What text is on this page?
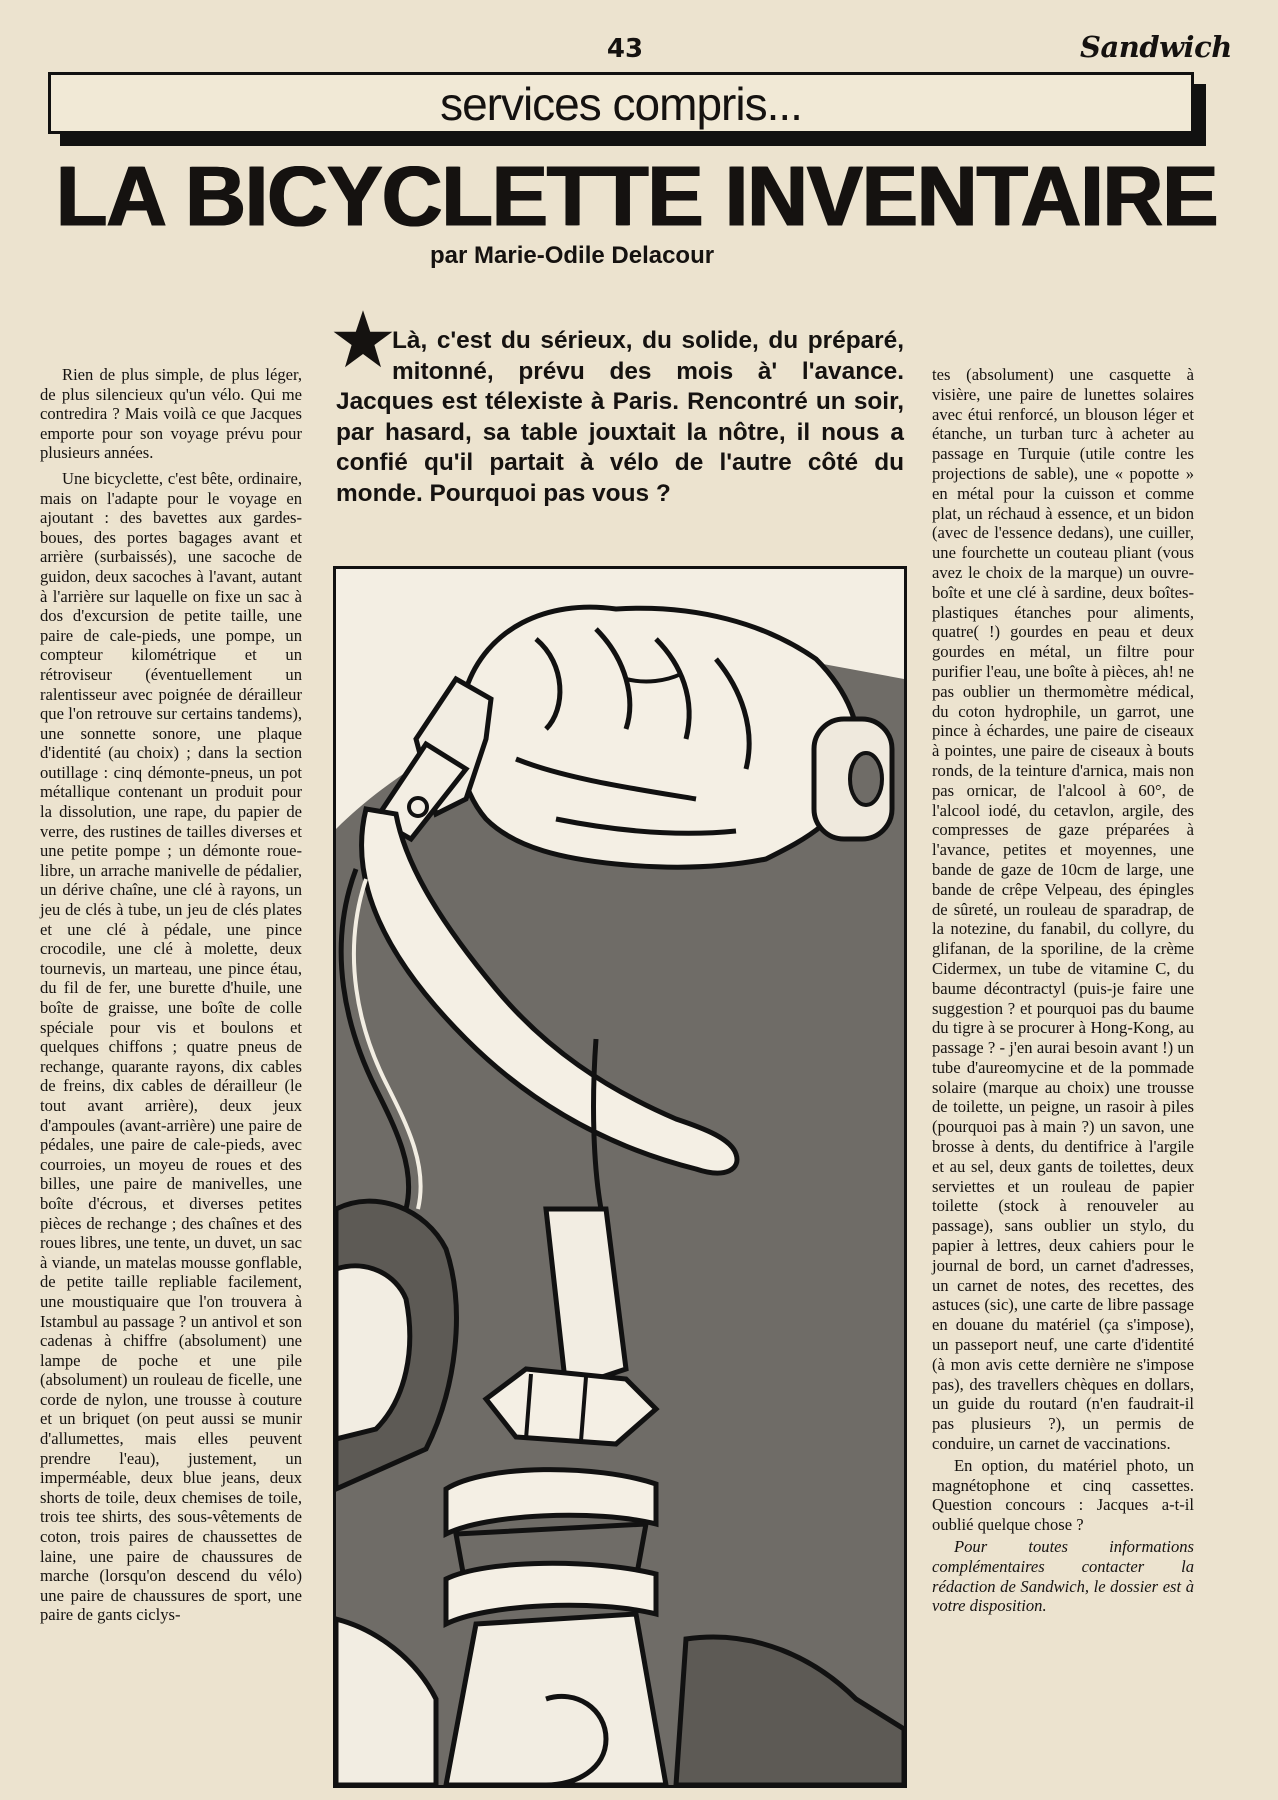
43	Sandwich
services compris...
LA BICYCLETTE INVENTAIRE
par Marie-Odile Delacour

Rien de plus simple, de plus léger, de plus silencieux qu'un vélo. Qui me contredira ? Mais voilà ce que Jacques emporte pour son voyage prévu pour plusieurs années.

Une bicyclette, c'est bête, ordinaire, mais on l'adapte pour le voyage en ajoutant : des bavettes aux gardes-boues, des portes bagages avant et arrière (surbaissés), une sacoche de guidon, deux sacoches à l'avant, autant à l'arrière sur laquelle on fixe un sac à dos d'excursion de petite taille, une paire de cale-pieds, une pompe, un compteur kilométrique et un rétroviseur (éventuellement un ralentisseur avec poignée de dérailleur que l'on retrouve sur certains tandems), une sonnette sonore, une plaque d'identité (au choix) ; dans la section outillage : cinq démonte-pneus, un pot métallique contenant un produit pour la dissolution, une rape, du papier de verre, des rustines de tailles diverses et une petite pompe ; un démonte roue-libre, un arrache manivelle de pédalier, un dérive chaîne, une clé à rayons, un jeu de clés à tube, un jeu de clés plates et une clé à pédale, une pince crocodile, une clé à molette, deux tournevis, un marteau, une pince étau, du fil de fer, une burette d'huile, une boîte de graisse, une boîte de colle spéciale pour vis et boulons et quelques chiffons ; quatre pneus de rechange, quarante rayons, dix cables de freins, dix cables de dérailleur (le tout avant arrière), deux jeux d'ampoules (avant-arrière) une paire de pédales, une paire de cale-pieds, avec courroies, un moyeu de roues et des billes, une paire de manivelles, une boîte d'écrous, et diverses petites pièces de rechange ; des chaînes et des roues libres, une tente, un duvet, un sac à viande, un matelas mousse gonflable, de petite taille repliable facilement, une moustiquaire que l'on trouvera à Istambul au passage ? un antivol et son cadenas à chiffre (absolument) une lampe de poche et une pile (absolument) un rouleau de ficelle, une corde de nylon, une trousse à couture et un briquet (on peut aussi se munir d'allumettes, mais elles peuvent prendre l'eau), justement, un imperméable, deux blue jeans, deux shorts de toile, deux chemises de toile, trois tee shirts, des sous-vêtements de coton, trois paires de chaussettes de laine, une paire de chaussures de marche (lorsqu'on descend du vélo) une paire de chaussures de sport, une paire de gants ciclys-

Là, c'est du sérieux, du solide, du préparé, mitonné, prévu des mois à' l'avance. Jacques est télexiste à Paris. Rencontré un soir, par hasard, sa table jouxtait la nôtre, il nous a confié qu'il partait à vélo de l'autre côté du monde. Pourquoi pas vous ?

tes (absolument) une casquette à visière, une paire de lunettes solaires avec étui renforcé, un blouson léger et étanche, un turban turc à acheter au passage en Turquie (utile contre les projections de sable), une « popotte » en métal pour la cuisson et comme plat, un réchaud à essence, et un bidon (avec de l'essence dedans), une cuiller, une fourchette un couteau pliant (vous avez le choix de la marque) un ouvre-boîte et une clé à sardine, deux boîtes-plastiques étanches pour aliments, quatre( !) gourdes en peau et deux gourdes en métal, un filtre pour purifier l'eau, une boîte à pièces, ah! ne pas oublier un thermomètre médical, du coton hydrophile, un garrot, une pince à échardes, une paire de ciseaux à pointes, une paire de ciseaux à bouts ronds, de la teinture d'arnica, mais non pas ornicar, de l'alcool à 60°, de l'alcool iodé, du cetavlon, argile, des compresses de gaze préparées à l'avance, petites et moyennes, une bande de gaze de 10cm de large, une bande de crêpe Velpeau, des épingles de sûreté, un rouleau de sparadrap, de la notezine, du fanabil, du collyre, du glifanan, de la sporiline, de la crème Cidermex, un tube de vitamine C, du baume décontractyl (puis-je faire une suggestion ? et pourquoi pas du baume du tigre à se procurer à Hong-Kong, au passage ? - j'en aurai besoin avant !) un tube d'aureomycine et de la pommade solaire (marque au choix) une trousse de toilette, un peigne, un rasoir à piles (pourquoi pas à main ?) un savon, une brosse à dents, du dentifrice à l'argile et au sel, deux gants de toilettes, deux serviettes et un rouleau de papier toilette (stock à renouveler au passage), sans oublier un stylo, du papier à lettres, deux cahiers pour le journal de bord, un carnet d'adresses, un carnet de notes, des recettes, des astuces (sic), une carte de libre passage en douane du matériel (ça s'impose), un passeport neuf, une carte d'identité (à mon avis cette dernière ne s'impose pas), des travellers chèques en dollars, un guide du routard (n'en faudrait-il pas plusieurs ?), un permis de conduire, un carnet de vaccinations.

En option, du matériel photo, un magnétophone et cinq cassettes. Question concours : Jacques a-t-il oublié quelque chose ?

Pour toutes informations complémentaires contacter la rédaction de Sandwich, le dossier est à votre disposition.
